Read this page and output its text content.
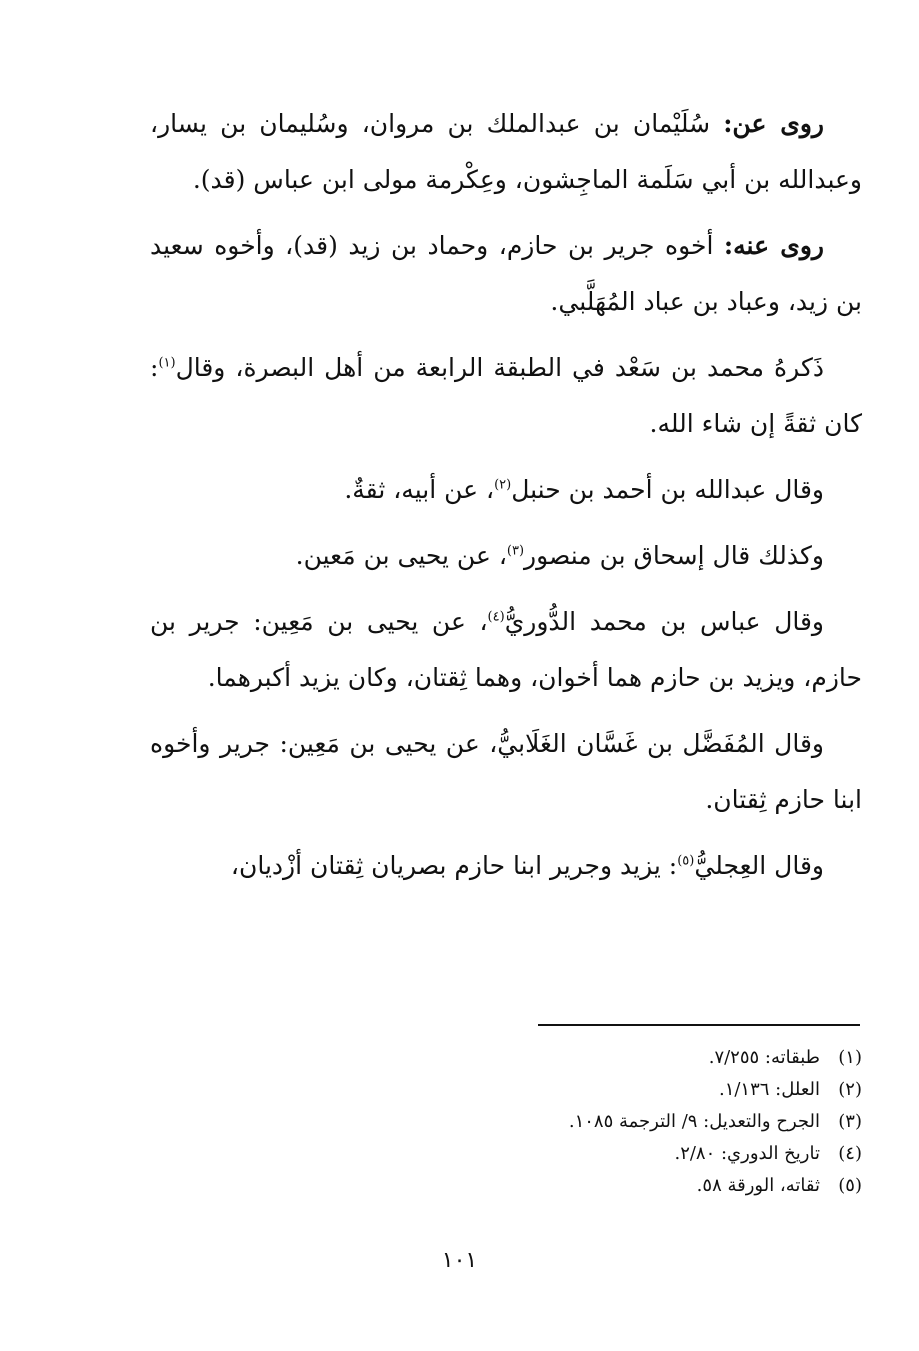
روى عن: سُلَيْمان بن عبدالملك بن مروان، وسُليمان بن يسار، وعبدالله بن أبي سَلَمة الماجِشون، وعِكْرمة مولى ابن عباس (قد).

روى عنه: أخوه جرير بن حازم، وحماد بن زيد (قد)، وأخوه سعيد بن زيد، وعباد بن عباد المُهَلَّبي.

ذَكرهُ محمد بن سَعْد في الطبقة الرابعة من أهل البصرة، وقال$^{(١)}$: كان ثقةً إن شاء الله.

وقال عبدالله بن أحمد بن حنبل$^{(٢)}$، عن أبيه، ثقةٌ.

وكذلك قال إسحاق بن منصور$^{(٣)}$، عن يحيى بن مَعين.

وقال عباس بن محمد الدُّوريُّ$^{(٤)}$، عن يحيى بن مَعِين: جرير بن حازم، ويزيد بن حازم هما أخوان، وهما ثِقتان، وكان يزيد أكبرهما.

وقال المُفَضَّل بن غَسَّان الغَلَابيُّ، عن يحيى بن مَعِين: جرير وأخوه ابنا حازم ثِقتان.

وقال العِجليُّ$^{(٥)}$: يزيد وجرير ابنا حازم بصريان ثِقتان أزْديان،

(١)
طبقاته: ٧/٢٥٥.
(٢)
العلل: ١/١٣٦.
(٣)
الجرح والتعديل: ٩/ الترجمة ١٠٨٥.
(٤)
تاريخ الدوري: ٢/٨٠.
(٥)
ثقاته، الورقة ٥٨.
١٠١
